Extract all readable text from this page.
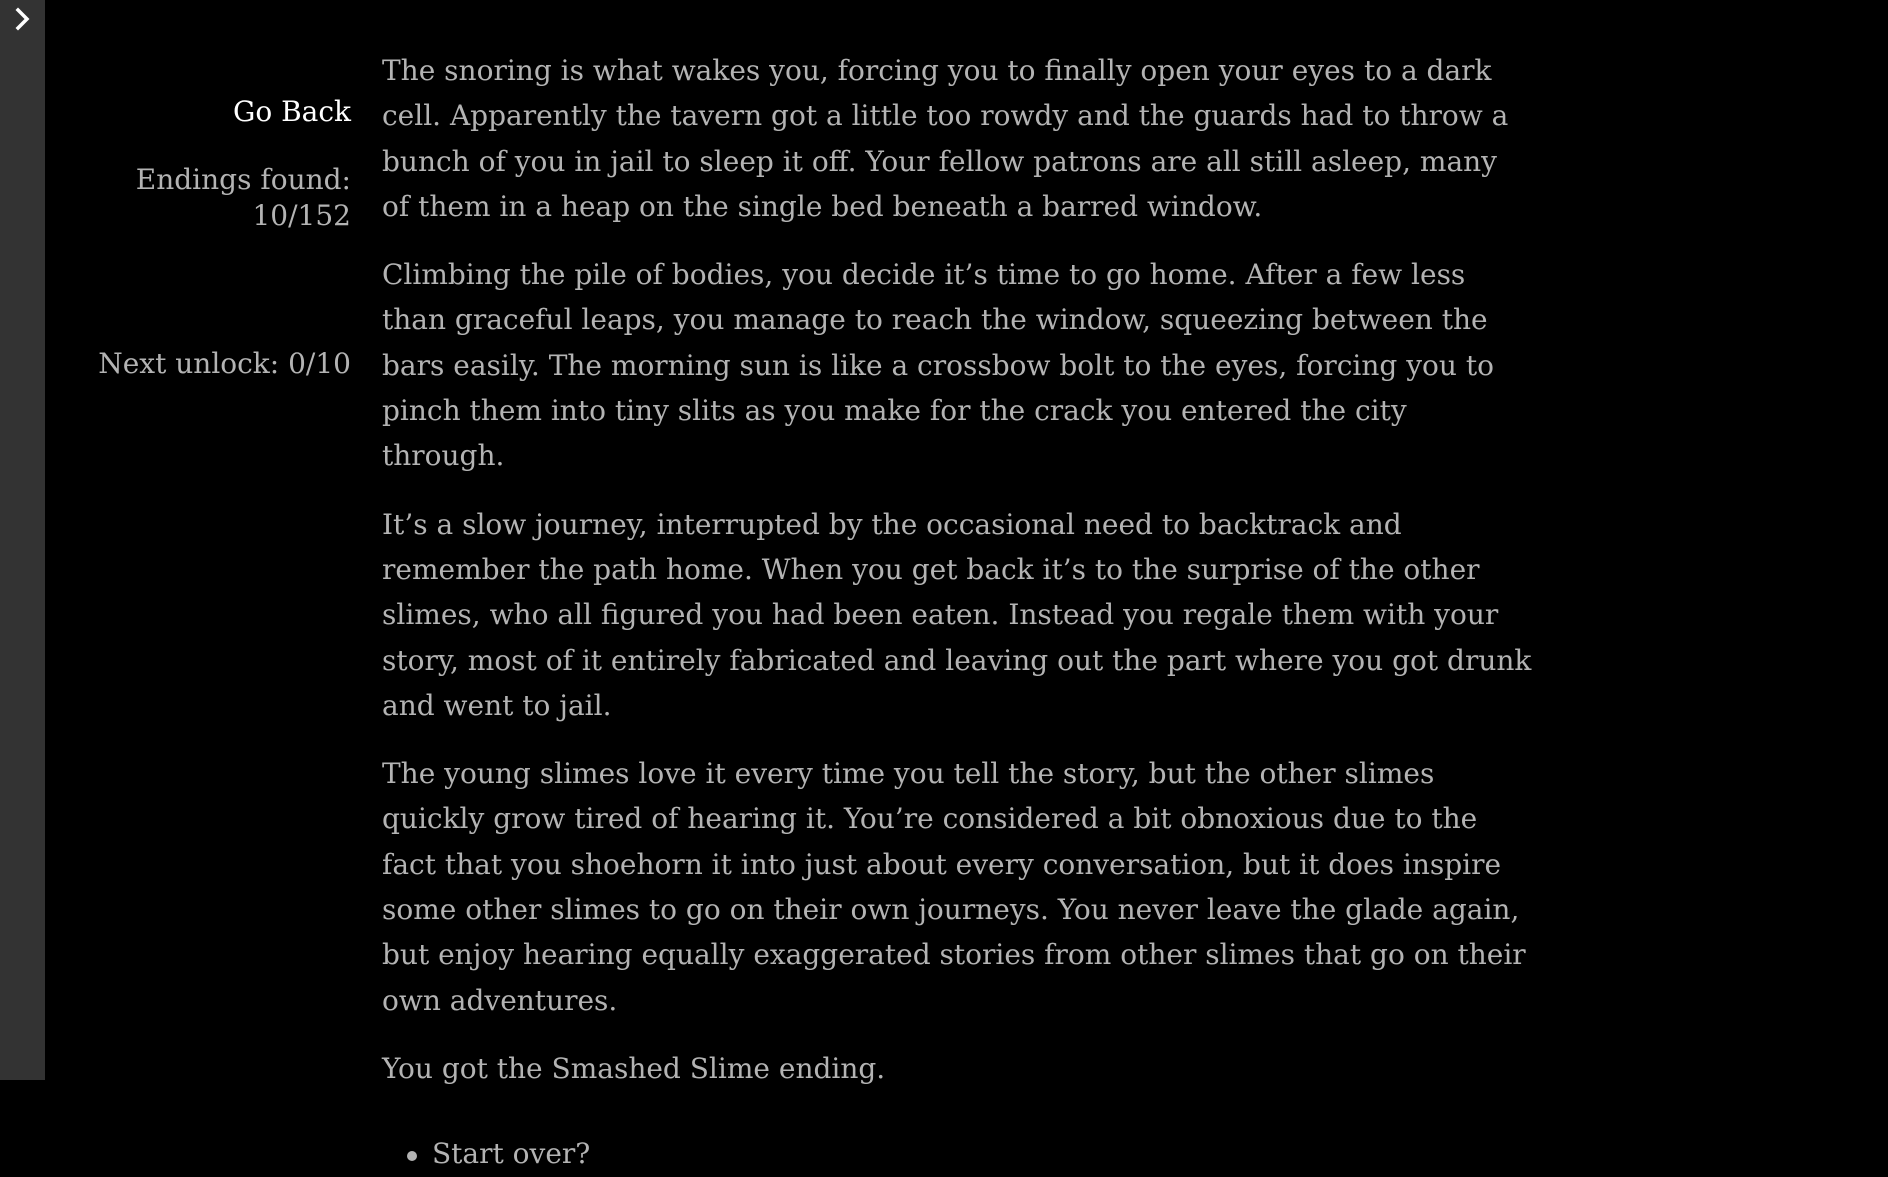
Go Back
Endings found: 10/152
Next unlock: 0/10

The snoring is what wakes you, forcing you to finally open your eyes to a dark cell. Apparently the tavern got a little too rowdy and the guards had to throw a bunch of you in jail to sleep it off. Your fellow patrons are all still asleep, many of them in a heap on the single bed beneath a barred window.

Climbing the pile of bodies, you decide it’s time to go home. After a few less than graceful leaps, you manage to reach the window, squeezing between the bars easily. The morning sun is like a crossbow bolt to the eyes, forcing you to pinch them into tiny slits as you make for the crack you entered the city through.

It’s a slow journey, interrupted by the occasional need to backtrack and remember the path home. When you get back it’s to the surprise of the other slimes, who all figured you had been eaten. Instead you regale them with your story, most of it entirely fabricated and leaving out the part where you got drunk and went to jail.

The young slimes love it every time you tell the story, but the other slimes quickly grow tired of hearing it. You’re considered a bit obnoxious due to the fact that you shoehorn it into just about every conversation, but it does inspire some other slimes to go on their own journeys. You never leave the glade again, but enjoy hearing equally exaggerated stories from other slimes that go on their own adventures.

You got the Smashed Slime ending.

Start over?
